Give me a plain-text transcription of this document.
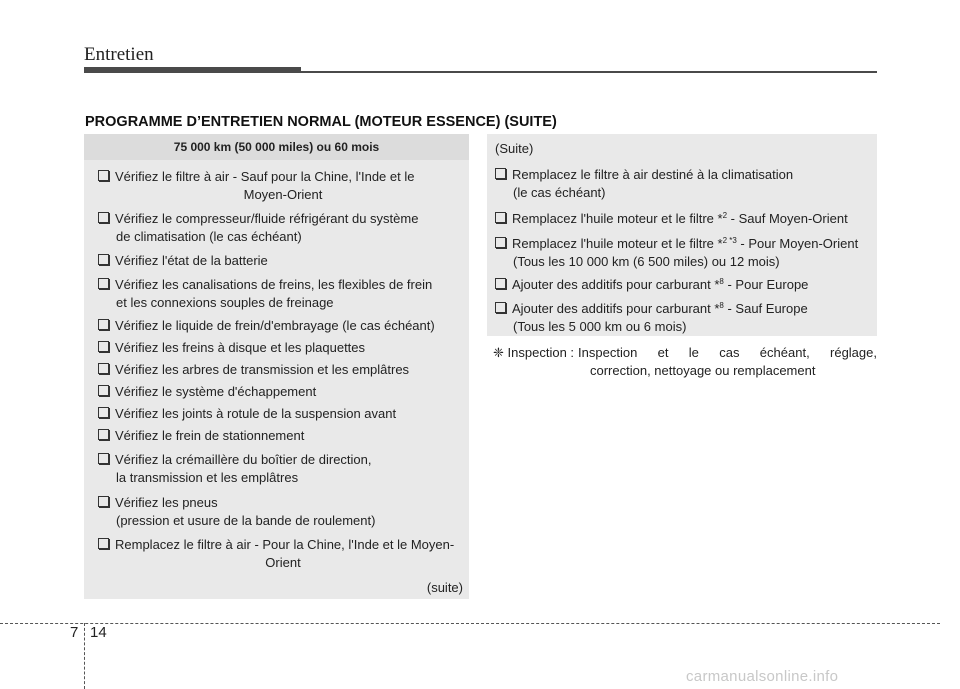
Entretien
PROGRAMME D’ENTRETIEN NORMAL (MOTEUR ESSENCE) (SUITE)
75 000 km (50 000 miles) ou 60 mois
Vérifiez le filtre à air - Sauf pour la Chine, l'Inde et le
Moyen-Orient
Vérifiez le compresseur/fluide réfrigérant du système
de climatisation (le cas échéant)
Vérifiez l'état de la batterie
Vérifiez les canalisations de freins, les flexibles de frein
et les connexions souples de freinage
Vérifiez le liquide de frein/d'embrayage (le cas échéant)
Vérifiez les freins à disque et les plaquettes
Vérifiez les arbres de transmission et les emplâtres
Vérifiez le système d'échappement
Vérifiez les joints à rotule de la suspension avant
Vérifiez le frein de stationnement
Vérifiez la crémaillère du boîtier de direction,
la transmission et les emplâtres
Vérifiez les pneus
(pression et usure de la bande de roulement)
Remplacez le filtre à air - Pour la Chine, l'Inde et le Moyen-
Orient
(suite)
(Suite)
Remplacez le filtre à air destiné à la climatisation
(le cas échéant)
Remplacez l'huile moteur et le filtre *$^2$ - Sauf Moyen-Orient
Remplacez l'huile moteur et le filtre *$^{2 *3}$ - Pour Moyen-Orient
(Tous les 10 000 km (6 500 miles) ou 12 mois)
Ajouter des additifs pour carburant *$^8$ - Pour Europe
Ajouter des additifs pour carburant *$^8$ - Sauf Europe
(Tous les 5 000 km ou 6 mois)
❈ Inspection : Inspection et le cas échéant, réglage,
correction, nettoyage ou remplacement
7 14
carmanualsonline.info
